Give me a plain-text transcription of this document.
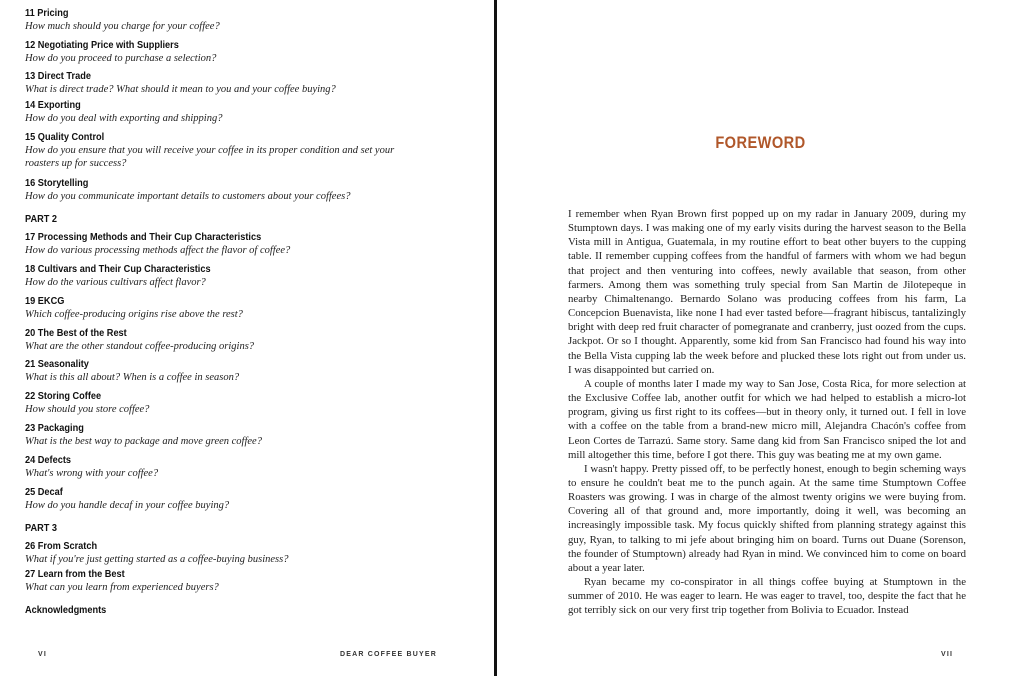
11 Pricing
How much should you charge for your coffee?
12 Negotiating Price with Suppliers
How do you proceed to purchase a selection?
13 Direct Trade
What is direct trade? What should it mean to you and your coffee buying?
14 Exporting
How do you deal with exporting and shipping?
15 Quality Control
How do you ensure that you will receive your coffee in its proper condition and set your roasters up for success?
16 Storytelling
How do you communicate important details to customers about your coffees?
PART 2
17 Processing Methods and Their Cup Characteristics
How do various processing methods affect the flavor of coffee?
18 Cultivars and Their Cup Characteristics
How do the various cultivars affect flavor?
19 EKCG
Which coffee-producing origins rise above the rest?
20 The Best of the Rest
What are the other standout coffee-producing origins?
21 Seasonality
What is this all about? When is a coffee in season?
22 Storing Coffee
How should you store coffee?
23 Packaging
What is the best way to package and move green coffee?
24 Defects
What's wrong with your coffee?
25 Decaf
How do you handle decaf in your coffee buying?
PART 3
26 From Scratch
What if you're just getting started as a coffee-buying business?
27 Learn from the Best
What can you learn from experienced buyers?
Acknowledgments
VI	DEAR COFFEE BUYER
FOREWORD

I remember when Ryan Brown first popped up on my radar in January 2009, during my Stumptown days. I was making one of my early visits during the harvest season to the Bella Vista mill in Antigua, Guatemala, in my routine effort to beat other buyers to the cupping table. II remember cupping coffees from the handful of farmers with whom we had begun that project and then venturing into coffees, newly available that season, from other farmers. Among them was something truly special from San Martin de Jilotepeque in nearby Chimaltenango. Bernardo Solano was producing coffees from his farm, La Concepcion Buenavista, like none I had ever tasted before—fragrant hibiscus, tantalizingly bright with deep red fruit character of pomegranate and cranberry, just oozed from the cups. Jackpot. Or so I thought. Apparently, some kid from San Francisco had found his way into the Bella Vista cupping lab the week before and plucked these lots right out from under us. I was disappointed but carried on.

A couple of months later I made my way to San Jose, Costa Rica, for more selection at the Exclusive Coffee lab, another outfit for which we had helped to establish a micro-lot program, giving us first right to its coffees—but in theory only, it turned out. I fell in love with a coffee on the table from a brand-new micro mill, Alejandra Chacón's coffee from Leon Cortes de Tarrazú. Same story. Same dang kid from San Francisco sniped the lot and mill altogether this time, before I got there. This guy was beating me at my own game.

I wasn't happy. Pretty pissed off, to be perfectly honest, enough to begin scheming ways to ensure he couldn't beat me to the punch again. At the same time Stumptown Coffee Roasters was growing. I was in charge of the almost twenty origins we were buying from. Covering all of that ground and, more importantly, doing it well, was becoming an increasingly impossible task. My focus quickly shifted from planning strategy against this guy, Ryan, to talking to mi jefe about bringing him on board. Turns out Duane (Sorenson, the founder of Stumptown) already had Ryan in mind. We convinced him to come on board about a year later.

Ryan became my co-conspirator in all things coffee buying at Stumptown in the summer of 2010. He was eager to learn. He was eager to travel, too, despite the fact that he got terribly sick on our very first trip together from Bolivia to Ecuador. Instead

VII
